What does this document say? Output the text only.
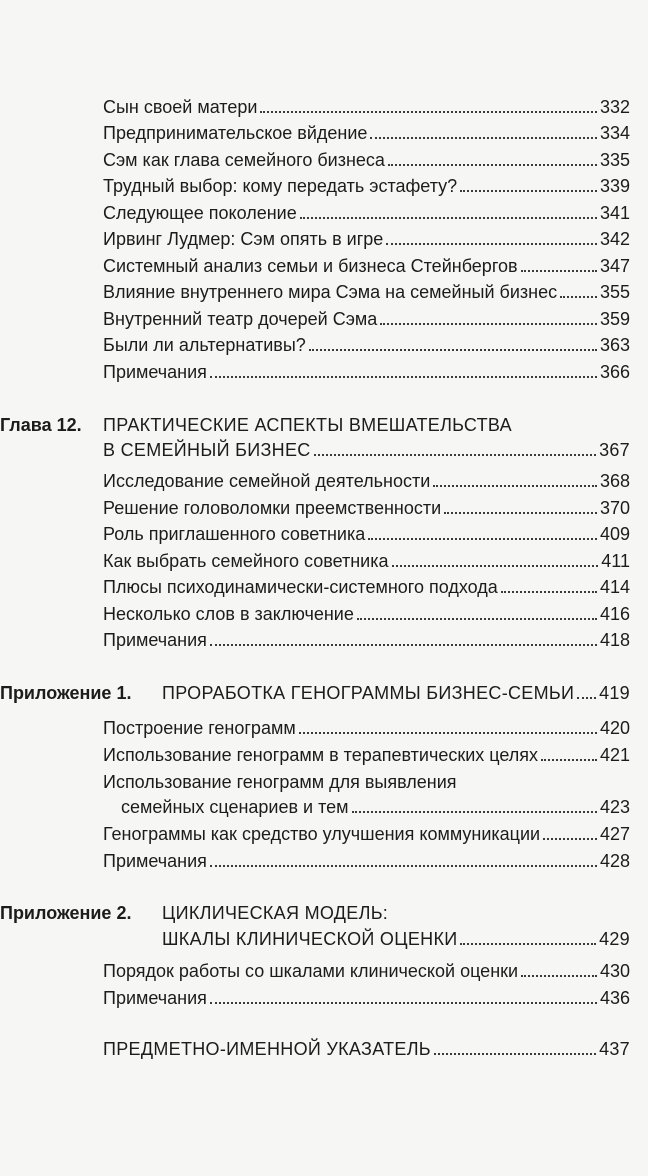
Сын своей матери	332
Предпринимательское вйдение	334
Сэм как глава семейного бизнеса	335
Трудный выбор: кому передать эстафету?	339
Следующее поколение	341
Ирвинг Лудмер: Сэм опять в игре	342
Системный анализ семьи и бизнеса Стейнбергов	347
Влияние внутреннего мира Сэма на семейный бизнес 355
Внутренний театр дочерей Сэма	359
Были ли альтернативы?	363
Примечания	366
Глава 12. ПРАКТИЧЕСКИЕ АСПЕКТЫ ВМЕШАТЕЛЬСТВА
В СЕМЕЙНЫЙ БИЗНЕС	367
Исследование семейной деятельности	368
Решение головоломки преемственности	370
Роль приглашенного советника	409
Как выбрать семейного советника	411
Плюсы психодинамически-системного подхода	414
Несколько слов в заключение	416
Примечания	418
Приложение 1. ПРОРАБОТКА ГЕНОГРАММЫ БИЗНЕС-СЕМЬИ 419
Построение генограмм	420
Использование генограмм в терапевтических целях	421
Использование генограмм для выявления
семейных сценариев и тем	423
Генограммы как средство улучшения коммуникации	427
Примечания	428
Приложение 2. ЦИКЛИЧЕСКАЯ МОДЕЛЬ:
ШКАЛЫ КЛИНИЧЕСКОЙ ОЦЕНКИ	429
Порядок работы со шкалами клинической оценки	430
Примечания	436
ПРЕДМЕТНО-ИМЕННОЙ УКАЗАТЕЛЬ	437
